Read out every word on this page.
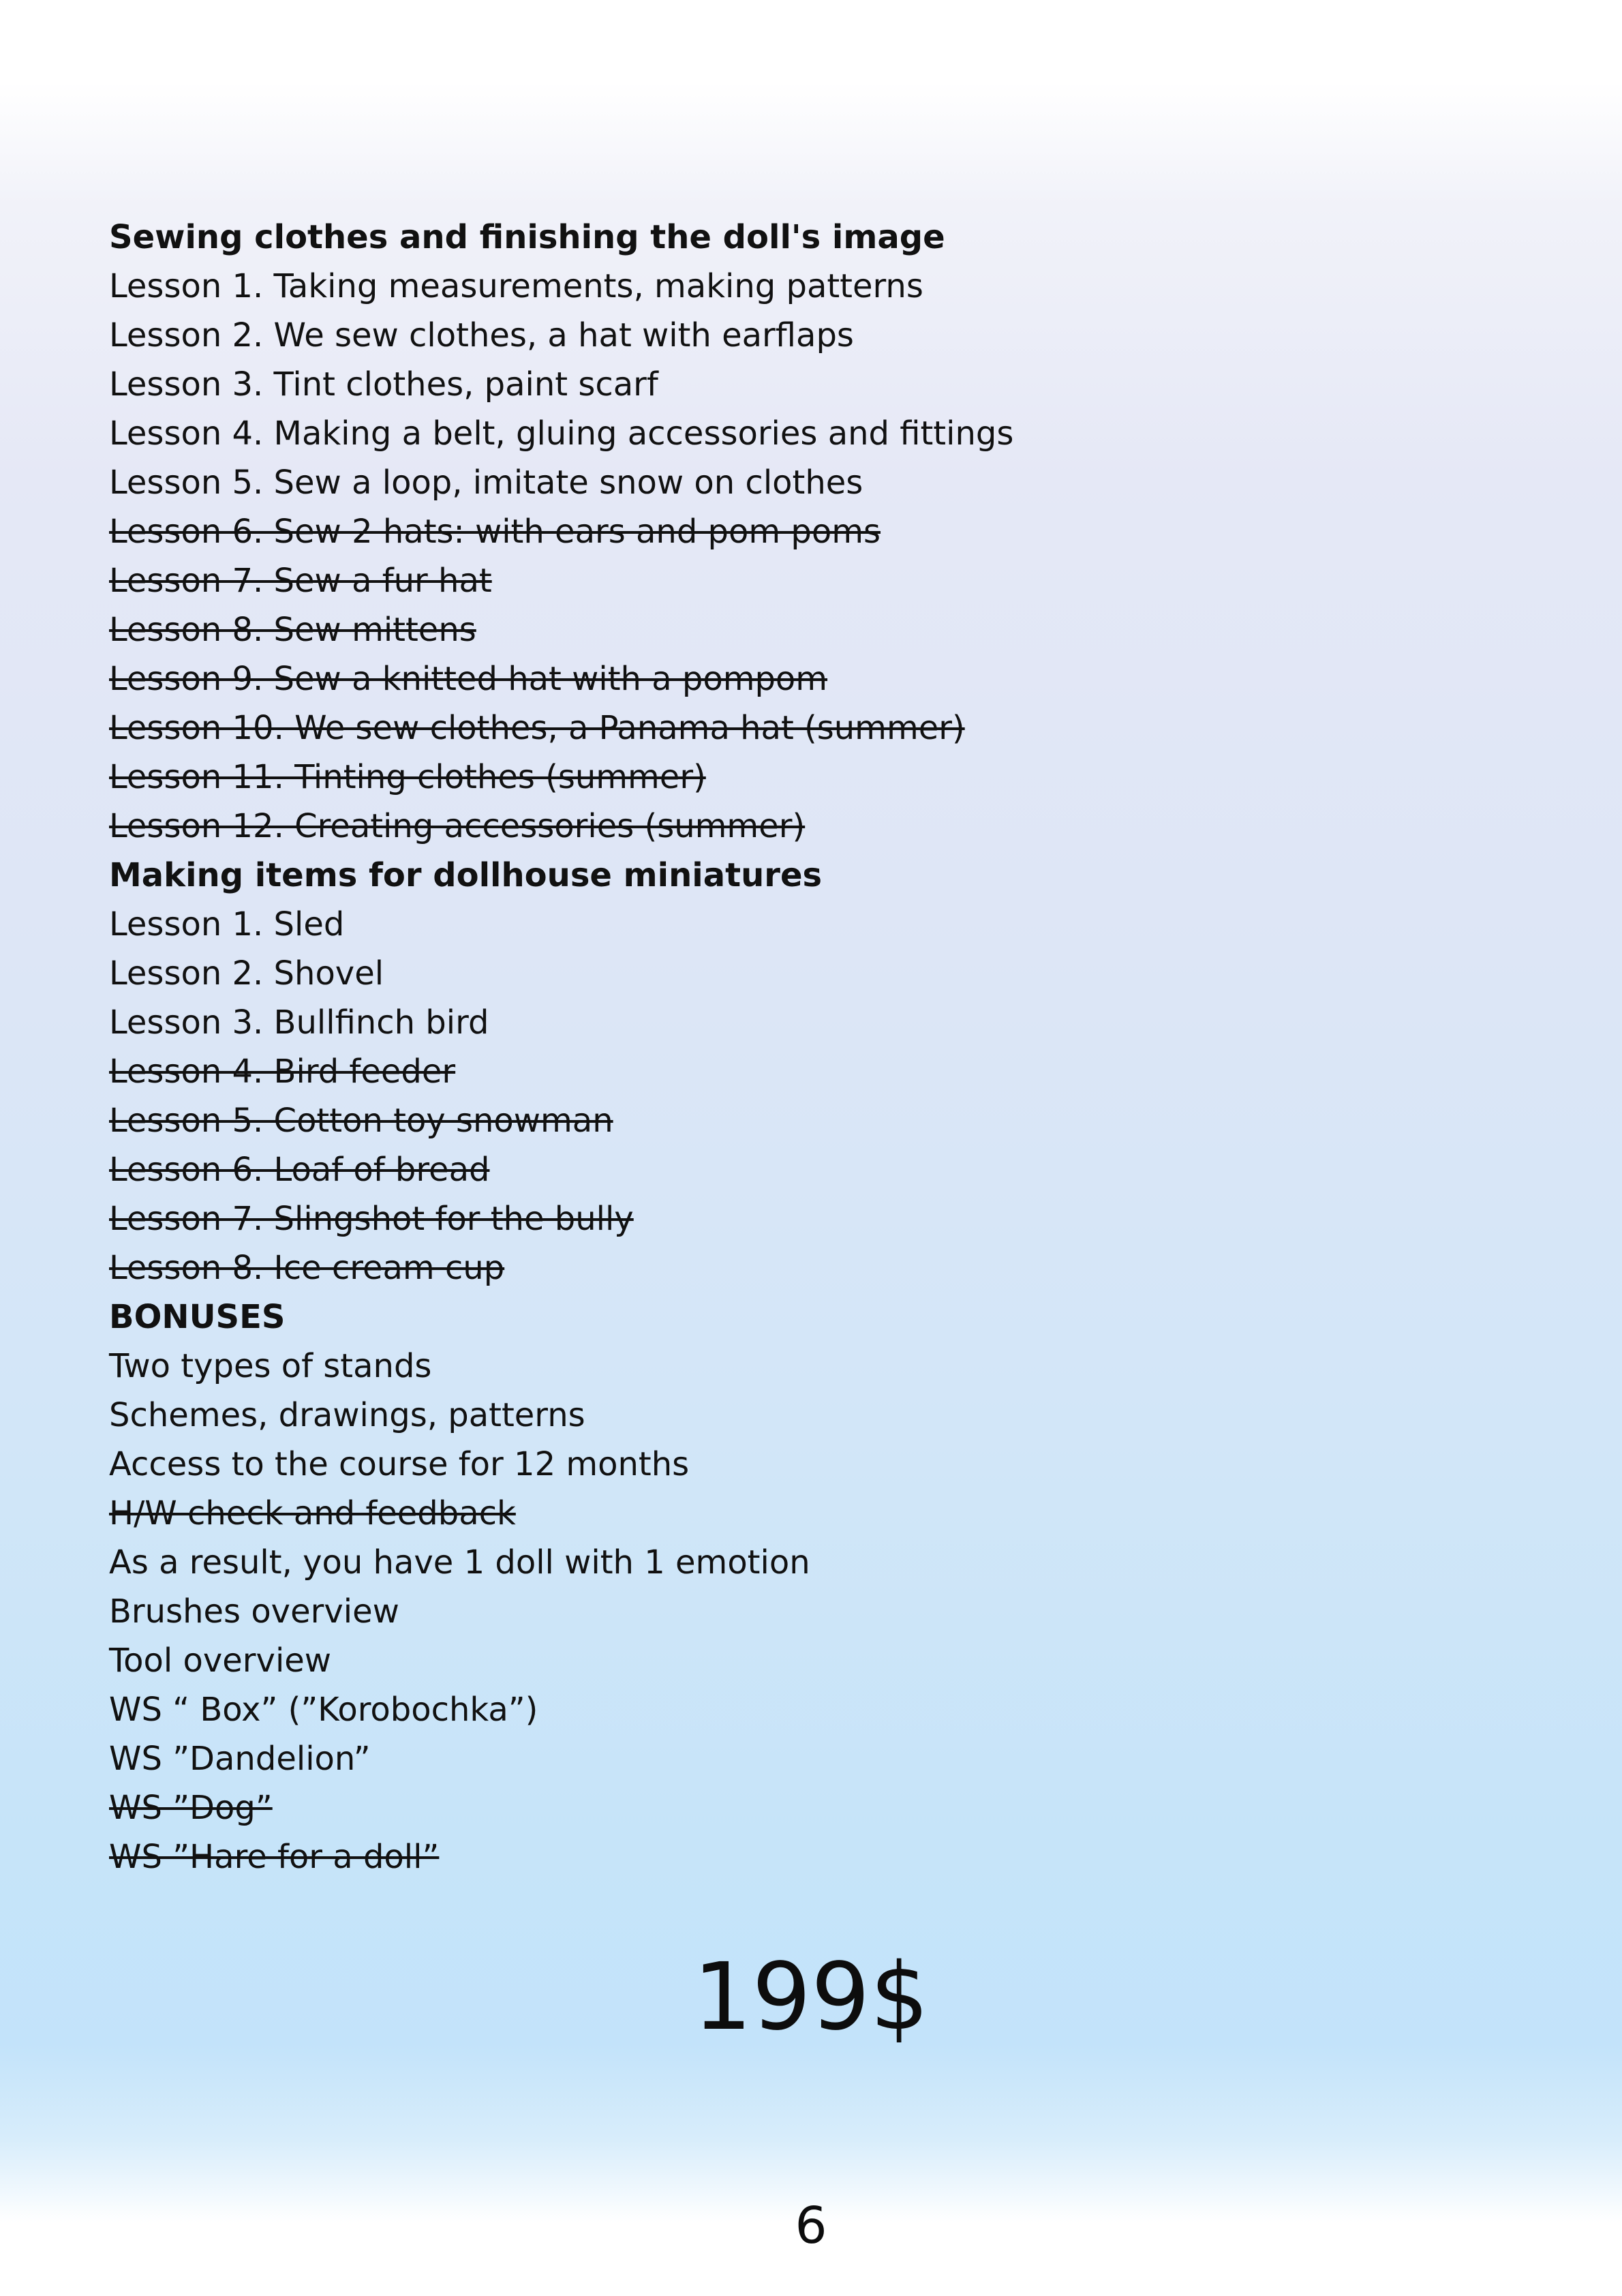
Sewing clothes and finishing the doll's image
Lesson 1. Taking measurements, making patterns
Lesson 2. We sew clothes, a hat with earflaps
Lesson 3. Tint clothes, paint scarf
Lesson 4. Making a belt, gluing accessories and fittings
Lesson 5. Sew a loop, imitate snow on clothes
Lesson 6. Sew 2 hats: with ears and pom poms
Lesson 7. Sew a fur hat
Lesson 8. Sew mittens
Lesson 9. Sew a knitted hat with a pompom
Lesson 10. We sew clothes, a Panama hat (summer)
Lesson 11. Tinting clothes (summer)
Lesson 12. Creating accessories (summer)
Making items for dollhouse miniatures
Lesson 1. Sled
Lesson 2. Shovel
Lesson 3. Bullfinch bird
Lesson 4. Bird feeder
Lesson 5. Cotton toy snowman
Lesson 6. Loaf of bread
Lesson 7. Slingshot for the bully
Lesson 8. Ice cream cup
BONUSES
Two types of stands
Schemes, drawings, patterns
Access to the course for 12 months
H/W check and feedback
As a result, you have 1 doll with 1 emotion
Brushes overview
Tool overview
WS “ Box” (”Korobochka”)
WS ”Dandelion”
WS ”Dog”
WS ”Hare for a doll”
199$
6
